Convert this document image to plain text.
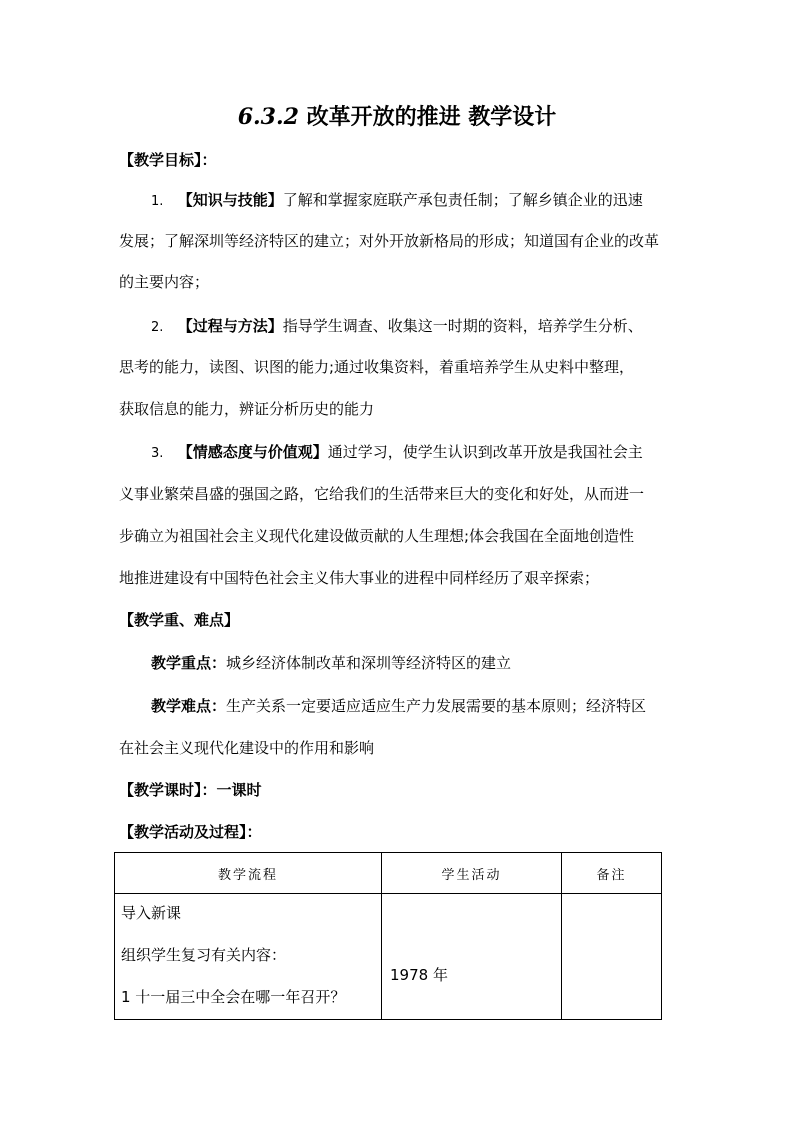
6.3.2 改革开放的推进 教学设计
【教学目标】：
1. 【知识与技能】了解和掌握家庭联产承包责任制；了解乡镇企业的迅速
发展；了解深圳等经济特区的建立；对外开放新格局的形成；知道国有企业的改革
的主要内容；
2. 【过程与方法】指导学生调查、收集这一时期的资料，培养学生分析、
思考的能力，读图、识图的能力;通过收集资料，着重培养学生从史料中整理，
获取信息的能力，辨证分析历史的能力
3. 【情感态度与价值观】通过学习，使学生认识到改革开放是我国社会主
义事业繁荣昌盛的强国之路，它给我们的生活带来巨大的变化和好处，从而进一
步确立为祖国社会主义现代化建设做贡献的人生理想;体会我国在全面地创造性
地推进建设有中国特色社会主义伟大事业的进程中同样经历了艰辛探索；
【教学重、难点】
教学重点：城乡经济体制改革和深圳等经济特区的建立
教学难点：生产关系一定要适应适应生产力发展需要的基本原则；经济特区
在社会主义现代化建设中的作用和影响
【教学课时】：一课时
【教学活动及过程】：
教学流程	学生活动	备注

导入新课
组织学生复习有关内容：
1 十一届三中全会在哪一年召开？	1978 年	
